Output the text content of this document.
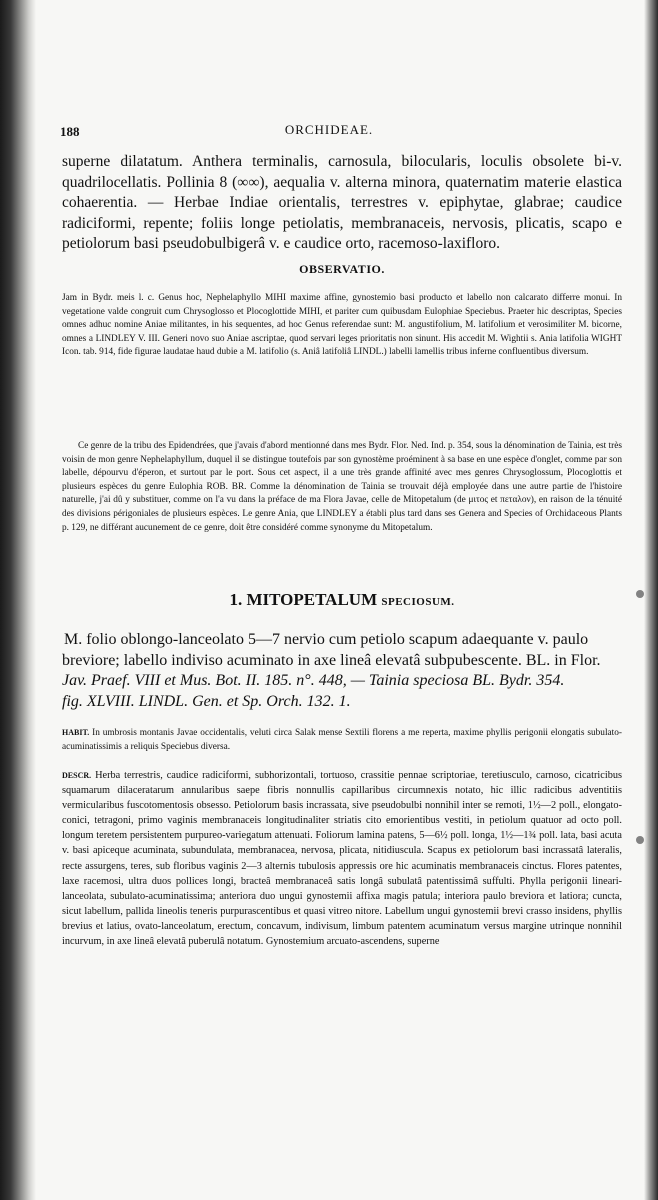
188	ORCHIDEAE.

superne dilatatum. Anthera terminalis, carnosula, bilocularis, loculis obsolete bi-v. quadrilocellatis. Pollinia 8 (∞∞), aequalia v. alterna minora, quaternatim materie elastica cohaerentia. — Herbae Indiae orientalis, terrestres v. epiphytae, glabrae; caudice radiciformi, repente; foliis longe petiolatis, membranaceis, nervosis, plicatis, scapo e petiolorum basi pseudobulbigerâ v. e caudice orto, racemoso-laxifloro.

OBSERVATIO.

Jam in Bydr. meis l. c. Genus hoc, Nephelaphyllo MIHI maxime affine, gynostemio basi producto et labello non calcarato differre monui. In vegetatione valde congruit cum Chrysoglosso et Plocoglottide MIHI, et pariter cum quibusdam Eulophiae Speciebus. Praeter hic descriptas, Species omnes adhuc nomine Aniae militantes, in his sequentes, ad hoc Genus referendae sunt: M. angustifolium, M. latifolium et verosimiliter M. bicorne, omnes a LINDLEY V. III. Generi novo suo Aniae ascriptae, quod servari leges prioritatis non sinunt. His accedit M. Wightii s. Ania latifolia WIGHT Icon. tab. 914, fide figurae laudatae haud dubie a M. latifolio (s. Aniâ latifoliâ LINDL.) labelli lamellis tribus inferne confluentibus diversum.

Ce genre de la tribu des Epidendrées, que j'avais d'abord mentionné dans mes Bydr. Flor. Ned. Ind. p. 354, sous la dénomination de Tainia, est très voisin de mon genre Nephelaphyllum, duquel il se distingue toutefois par son gynostème proéminent à sa base en une espèce d'onglet, comme par son labelle, dépourvu d'éperon, et surtout par le port. Sous cet aspect, il a une très grande affinité avec mes genres Chrysoglossum, Plocoglottis et plusieurs espèces du genre Eulophia ROB. BR. Comme la dénomination de Tainia se trouvait déjà employée dans une autre partie de l'histoire naturelle, j'ai dû y substituer, comme on l'a vu dans la préface de ma Flora Javae, celle de Mitopetalum (de μιτος et πεταλον), en raison de la ténuité des divisions périgoniales de plusieurs espèces. Le genre Ania, que LINDLEY a établi plus tard dans ses Genera and Species of Orchidaceous Plants p. 129, ne différant aucunement de ce genre, doit être considéré comme synonyme du Mitopetalum.

1. MITOPETALUM SPECIOSUM.

M. folio oblongo-lanceolato 5—7 nervio cum petiolo scapum adaequante v. paulo
breviore; labello indiviso acuminato in axe lineâ elevatâ subpubescente. BL. in Flor.
Jav. Praef. VIII et Mus. Bot. II. 185. n°. 448, — Tainia speciosa BL. Bydr. 354.
fig. XLVIII. LINDL. Gen. et Sp. Orch. 132. 1.

HABIT. In umbrosis montanis Javae occidentalis, veluti circa Salak mense Sextili florens a me reperta, maxime phyllis perigonii elongatis subulato-acuminatissimis a reliquis Speciebus diversa.

DESCR. Herba terrestris, caudice radiciformi, subhorizontali, tortuoso, crassitie pennae scriptoriae, teretiusculo, carnoso, cicatricibus squamarum dilaceratarum annularibus saepe fibris nonnullis capillaribus circumnexis notato, hic illic radicibus adventitiis vermicularibus fuscotomentosis obsesso. Petiolorum basis incrassata, sive pseudobulbi nonnihil inter se remoti, 1½—2 poll., elongato-conici, tetragoni, primo vaginis membranaceis longitudinaliter striatis cito emorientibus vestiti, in petiolum quatuor ad octo poll. longum teretem persistentem purpureo-variegatum attenuati. Foliorum lamina patens, 5—6½ poll. longa, 1½—1¾ poll. lata, basi acuta v. basi apiceque acuminata, subundulata, membranacea, nervosa, plicata, nitidiuscula. Scapus ex petiolorum basi incrassatâ lateralis, recte assurgens, teres, sub floribus vaginis 2—3 alternis tubulosis appressis ore hic acuminatis membranaceis cinctus. Flores patentes, laxe racemosi, ultra duos pollices longi, bracteâ membranaceâ satis longâ subulatâ patentissimâ suffulti. Phylla perigonii lineari-lanceolata, subulato-acuminatissima; anteriora duo ungui gynostemii affixa magis patula; interiora paulo breviora et latiora; cuncta, sicut labellum, pallida lineolis teneris purpurascentibus et quasi vitreo nitore. Labellum ungui gynostemii brevi crasso insidens, phyllis brevius et latius, ovato-lanceolatum, erectum, concavum, indivisum, limbum patentem acuminatum versus margine utrinque nonnihil incurvum, in axe lineâ elevatâ puberulâ notatum. Gynostemium arcuato-ascendens, superne
